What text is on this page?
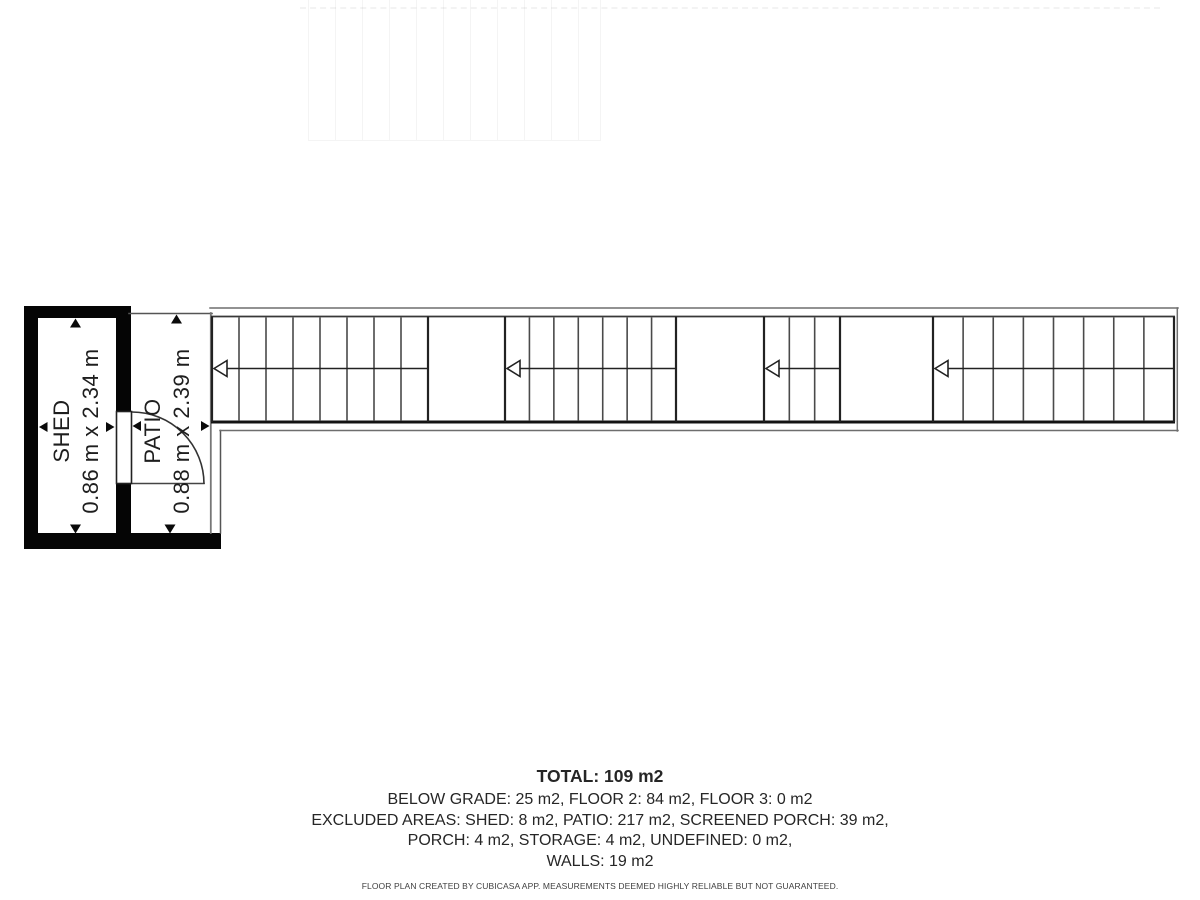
SHED 0.86 m x 2.34 m PATIO 0.88 m x 2.39 m
TOTAL: 109 m2
BELOW GRADE: 25 m2, FLOOR 2: 84 m2, FLOOR 3: 0 m2
EXCLUDED AREAS: SHED: 8 m2, PATIO: 217 m2, SCREENED PORCH: 39 m2,
PORCH: 4 m2, STORAGE: 4 m2, UNDEFINED: 0 m2,
WALLS: 19 m2
FLOOR PLAN CREATED BY CUBICASA APP. MEASUREMENTS DEEMED HIGHLY RELIABLE BUT NOT GUARANTEED.
